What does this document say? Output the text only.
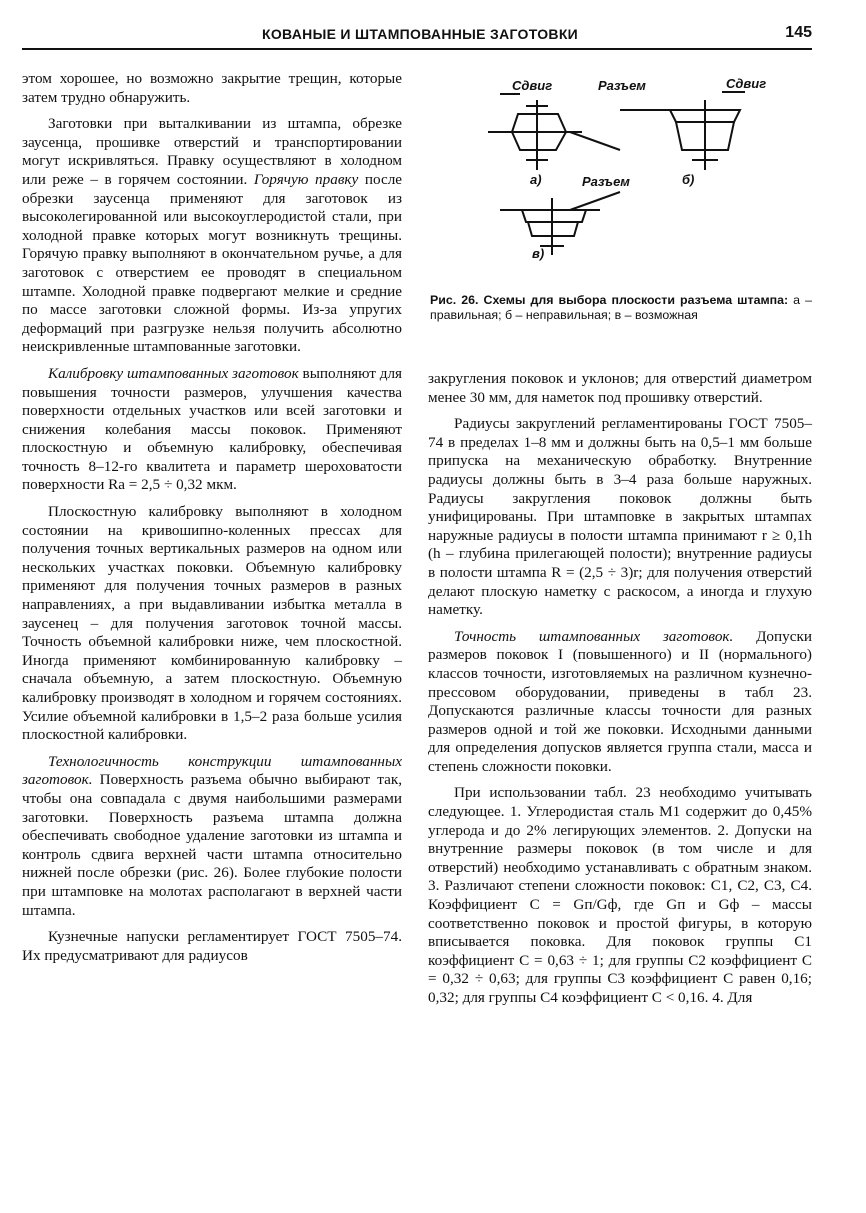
КОВАНЫЕ И ШТАМПОВАННЫЕ ЗАГОТОВКИ	145

этом хорошее, но возможно закрытие трещин, которые затем трудно обнаружить.

Заготовки при выталкивании из штампа, обрезке заусенца, прошивке отверстий и транспортировании могут искривляться. Правку осуществляют в холодном или реже – в горячем состоянии. Горячую правку после обрезки заусенца применяют для заготовок из высоколегированной или высокоуглеродистой стали, при холодной правке которых могут возникнуть трещины. Горячую правку выполняют в окончательном ручье, а для заготовок с отверстием ее проводят в специальном штампе. Холодной правке подвергают мелкие и средние по массе заготовки сложной формы. Из-за упругих деформаций при разгрузке нельзя получить абсолютно неискривленные штампованные заготовки.

Калибровку штампованных заготовок выполняют для повышения точности размеров, улучшения качества поверхности отдельных участков или всей заготовки и снижения колебания массы поковок. Применяют плоскостную и объемную калибровку, обеспечивая точность 8–12-го квалитета и параметр шероховатости поверхности Ra = 2,5 ÷ 0,32 мкм.

Плоскостную калибровку выполняют в холодном состоянии на кривошипно-коленных прессах для получения точных вертикальных размеров на одном или нескольких участках поковки. Объемную калибровку применяют для получения точных размеров в разных направлениях, а при выдавливании избытка металла в заусенец – для получения заготовок точной массы. Точность объемной калибровки ниже, чем плоскостной. Иногда применяют комбинированную калибровку – сначала объемную, а затем плоскостную. Объемную калибровку производят в холодном и горячем состояниях. Усилие объемной калибровки в 1,5–2 раза больше усилия плоскостной калибровки.

Технологичность конструкции штампованных заготовок. Поверхность разъема обычно выбирают так, чтобы она совпадала с двумя наибольшими размерами заготовки. Поверхность разъема штампа должна обеспечивать свободное удаление заготовки из штампа и контроль сдвига верхней части штампа относительно нижней после обрезки (рис. 26). Более глубокие полости при штамповке на молотах располагают в верхней части штампа.

Кузнечные напуски регламентирует ГОСТ 7505–74. Их предусматривают для радиусов

Сдвиг	Разъем	Сдвиг
а)	Разъем	б)
в)
Рис. 26. Схемы для выбора плоскости разъема штампа: а – правильная; б – неправильная; в – возможная

закругления поковок и уклонов; для отверстий диаметром менее 30 мм, для наметок под прошивку отверстий.

Радиусы закруглений регламентированы ГОСТ 7505–74 в пределах 1–8 мм и должны быть на 0,5–1 мм больше припуска на механическую обработку. Внутренние радиусы должны быть в 3–4 раза больше наружных. Радиусы закругления поковок должны быть унифицированы. При штамповке в закрытых штампах наружные радиусы в полости штампа принимают r ≥ 0,1h (h – глубина прилегающей полости); внутренние радиусы в полости штампа R = (2,5 ÷ 3)r; для получения отверстий делают плоскую наметку с раскосом, а иногда и глухую наметку.

Точность штампованных заготовок. Допуски размеров поковок I (повышенного) и II (нормального) классов точности, изготовляемых на различном кузнечно-прессовом оборудовании, приведены в табл 23. Допускаются различные классы точности для разных размеров одной и той же поковки. Исходными данными для определения допусков является группа стали, масса и степень сложности поковки.

При использовании табл. 23 необходимо учитывать следующее. 1. Углеродистая сталь М1 содержит до 0,45% углерода и до 2% легирующих элементов. 2. Допуски на внутренние размеры поковок (в том числе и для отверстий) необходимо устанавливать с обратным знаком. 3. Различают степени сложности поковок: С1, С2, С3, С4. Коэффициент С = Gп/Gф, где Gп и Gф – массы соответственно поковок и простой фигуры, в которую вписывается поковка. Для поковок группы С1 коэффициент С = 0,63 ÷ 1; для группы С2 коэффициент С = 0,32 ÷ 0,63; для группы С3 коэффициент С равен 0,16; 0,32; для группы С4 коэффициент С < 0,16. 4. Для
